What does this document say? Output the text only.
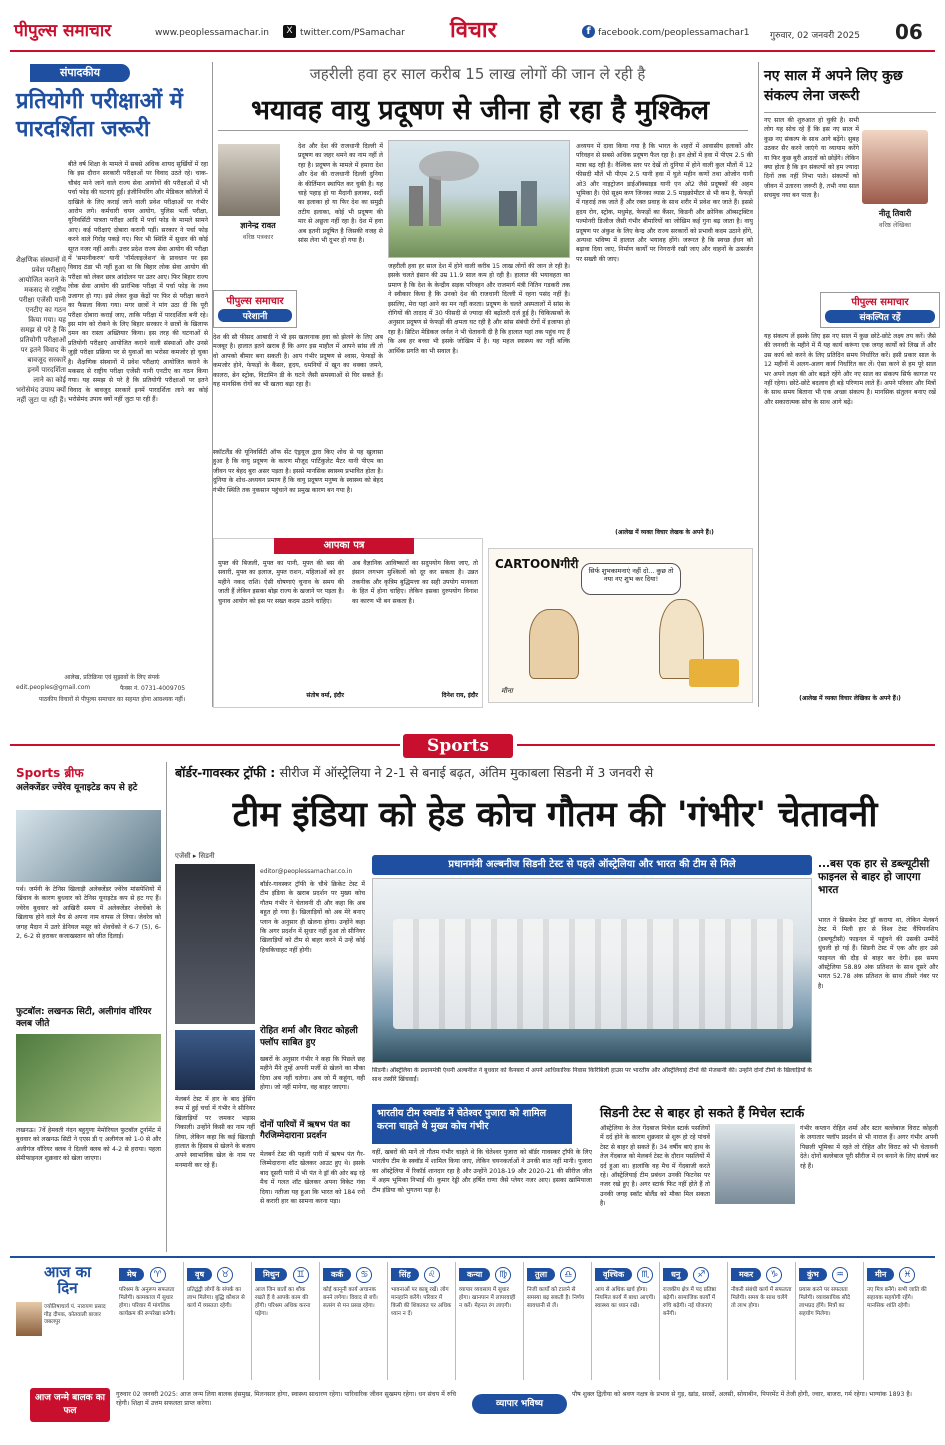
पीपुल्स समाचार	www.peoplessamachar.in	X twitter.com/PSamachar विचार	f facebook.com/peoplessamachar1 गुरुवार, 02 जनवरी 2025 06
संपादकीय
प्रतियोगी परीक्षाओं में पारदर्शिता जरूरी
बीते वर्ष शिक्षा के मामले में सबसे अधिक शायद सुर्खियों में रहा कि इस दौरान सरकारी परीक्षाओं पर विवाद उठते रहे। चाक-चौबंद माने जाने वाले राज्य सेवा आयोगों की परीक्षाओं में भी पर्चा फोड़ की घटनाएं हुईं। इंजीनियरिंग और मेडिकल कॉलेजों में दाखिले के लिए कराई जाने वाली प्रवेश परीक्षाओं पर गंभीर आरोप लगे। कर्मचारी चयन आयोग, पुलिस भर्ती परीक्षा, यूनिवर्सिटी पात्रता परीक्षा आदि में पर्चा फोड़ के मामले सामने आए। कई परीक्षाएं दोबारा करानी पड़ीं। सरकार ने पर्चा फोड़ करने वाले गिरोह पकड़े गए। फिर भी स्थिति में सुधार की कोई सूरत नजर नहीं आती। उत्तर प्रदेश राज्य सेवा आयोग की परीक्षा में 'समानीकरण' यानी 'नॉर्मलाइजेशन' के प्रावधान पर इस विवाद ठंडा भी नहीं हुआ था कि बिहार लोक सेवा आयोग की परीक्षा को लेकर छात्र आंदोलन पर उतर आए। फिर बिहार राज्य लोक सेवा आयोग की प्रारंभिक परीक्षा में पर्चा फोड़ के तथ्य उजागर हो गए। इसे लेकर कुछ केंद्रों पर फिर से परीक्षा कराने का फैसला किया गया। मगर छात्रों ने मांग उठा दी कि पूरी परीक्षा दोबारा कराई जाए, ताकि परीक्षा में पारदर्शिता बनी रहे। इस मांग को रोकने के लिए बिहार सरकार ने छात्रों के खिलाफ दमन का रास्ता अख्तियार किया। इस तरह की घटनाओं से प्रतियोगी परीक्षाएं आयोजित कराने वाली संस्थाओं और उनसे जुड़ी परीक्षा प्रक्रिया पर से युवाओं का भरोसा कमजोर हो चुका है। शैक्षणिक संस्थानों में प्रवेश परीक्षाएं आयोजित कराने के मकसद से राष्ट्रीय परीक्षा एजेंसी यानी एनटीए का गठन किया गया। यह समझ से परे है कि प्रतियोगी परीक्षाओं पर इतने विवाद के बावजूद सरकारें इनमें पारदर्शिता लाने का कोई भरोसेमंद उपाय क्यों नहीं जुटा पा रही हैं।
शैक्षणिक संस्थानों में प्रवेश परीक्षाएं आयोजित कराने के मकसद से राष्ट्रीय परीक्षा एजेंसी यानी एनटीए का गठन किया गया। यह समझ से परे है कि प्रतियोगी परीक्षाओं पर इतने विवाद के बावजूद सरकारें इनमें पारदर्शिता लाने का कोई भरोसेमंद उपाय क्यों नहीं जुटा पा रही हैं।
आलेख, प्रतिक्रिया एवं सुझावों के लिए संपर्क
edit.peoples@gmail.com	फैक्स नं. 0731-4009705
पाठकीय विचारों से पीपुल्स समाचार का सहमत होना आवश्यक नहीं।
जहरीली हवा हर साल करीब 15 लाख लोगों की जान ले रही है
भयावह वायु प्रदूषण से जीना हो रहा है मुश्किल
ज्ञानेन्द्र रावत
वरिष्ठ पत्रकार
देश और देश की राजधानी दिल्ली में प्रदूषण का जहर थमने का नाम नहीं ले रहा है। प्रदूषण के मामले में हमारा देश और देश की राजधानी दिल्ली दुनिया के कीर्तिमान स्थापित कर चुकी है। यह चाहे पहाड़ हो या मैदानी इलाका, सर्दी का इलाका हो या फिर देश का समुद्री तटीय इलाका, कोई भी प्रदूषण की मार से अछूता नहीं रहा है। देश में हवा अब इतनी प्रदूषित है जिसकी वजह से सांस लेना भी दूभर हो गया है।
पीपुल्स समाचार
परेशानी
देश की सौ फीसद आबादी ने भी इस खतरनाक हवा को झेलने के लिए अब मजबूर है। हालात इतने खराब हैं कि अगर इस माहौल में आपने सांस ली तो वो आपको बीमार बना सकती है। आप गंभीर प्रदूषण से श्वास, फेफड़ों के कमजोर होने, फेफड़ों के कैंसर, हृदय, धमनियों में खून का थक्का जमने, कालरा, ब्रेन स्ट्रोक, विटामिन डी के घटने जैसी समस्याओं से घिर सकते हैं। यह मानसिक रोगों का भी खतरा बढ़ा रहा है।
स्कॉटलैंड की यूनिवर्सिटी ऑफ सेंट एंड्रयूज द्वारा किए शोध से यह खुलासा हुआ है कि वायु प्रदूषण के कारण मौजूद पार्टिकुलेट मैटर यानी पीएम का जीवन पर बेहद बुरा असर पड़ता है। इससे मानसिक स्वास्थ्य प्रभावित होता है। दुनिया के शोध-अध्ययन प्रमाण हैं कि वायु प्रदूषण मनुष्य के स्वास्थ्य को बेहद गंभीर स्थिति तक नुकसान पहुंचाने का प्रमुख कारण बन गया है।
जहरीली हवा हर साल देश में होने वाली करीब 15 लाख लोगों की जान ले रही है। इसके चलते इंसान की उम्र 11.9 साल कम हो रही है। हालात की भयावहता का प्रमाण है कि देश के केन्द्रीय सड़क परिवहन और राजमार्ग मंत्री नितिन गडकरी तक ने स्वीकार किया है कि उनको देश की राजधानी दिल्ली में रहना पसंद नहीं है। इसलिए, मेरा यहां आने का मन नहीं करता। प्रदूषण के चलते अस्पतालों में सांस के रोगियों की तादाद में 30 फीसदी से ज्यादा की बढ़ोतरी दर्ज हुई है। चिकित्सकों के अनुसार प्रदूषण से फेफड़ों की क्षमता घट रही है और सांस संबंधी रोगों में इजाफा हो रहा है। ब्रिटिश मेडिकल जर्नल ने भी चेतावनी दी है कि हालात यहां तक पहुंच गए हैं कि अब हर बच्चा भी इसके जोखिम में है। यह महज स्वास्थ्य का नहीं बल्कि आर्थिक प्रगति का भी सवाल है।
अध्ययन में दावा किया गया है कि भारत के शहरों में आवासीय इलाकों और परिवहन से सबसे अधिक प्रदूषण फैल रहा है। इन क्षेत्रों में हवा में पीएम 2.5 की मात्रा बढ़ रही है। वैश्विक स्तर पर देखें तो दुनिया में होने वाली कुल मौतों में 12 फीसदी मौतें भी पीएम 2.5 यानी हवा में घुले महीन कणों तथा ओजोन यानी ओ3 और नाइट्रोजन डाईऑक्साइड यानी एन ओ2 जैसे प्रदूषकों की अहम भूमिका है। ऐसे सूक्ष्म कण जिनका व्यास 2.5 माइक्रोमीटर से भी कम है, फेफड़ों में गहराई तक जाते हैं और रक्त प्रवाह के साथ शरीर में प्रवेश कर जाते हैं। इससे हृदय रोग, स्ट्रोक, मधुमेह, फेफड़ों का कैंसर, किडनी और क्रोनिक ऑब्सट्रक्टिव पल्मोनरी डिजीज जैसी गंभीर बीमारियों का जोखिम कई गुना बढ़ जाता है। वायु प्रदूषण पर अंकुश के लिए केन्द्र और राज्य सरकारों को प्रभावी कदम उठाने होंगे, अन्यथा भविष्य में हालात और भयावह होंगे। जरूरत है कि स्वच्छ ईंधन को बढ़ावा दिया जाए, निर्माण कार्यों पर निगरानी रखी जाए और वाहनों के उत्सर्जन पर सख्ती की जाए।
(आलेख में व्यक्त विचार लेखक के अपने हैं।)
नए साल में अपने लिए कुछ संकल्प लेना जरूरी
नए साल की शुरुआत हो चुकी है। सभी लोग यह सोच रहे हैं कि इस नए साल में कुछ नए संकल्प के साथ आगे बढ़ेंगे। सुबह उठकर सैर करने जाएंगे या व्यायाम करेंगे या फिर कुछ बुरी आदतों को छोड़ेंगे। लेकिन क्या होता है कि इन संकल्पों को हम ज्यादा दिनों तक नहीं निभा पाते। संकल्पों को जीवन में उतारना जरूरी है, तभी नया साल सचमुच नया बन पाता है।
नीतू तिवारी
वरिष्ठ लेखिका
पीपुल्स समाचार
संकल्पित रहें
यह संकल्प लें इसके लिए इस नए साल में कुछ छोटे-छोटे लक्ष्य तय करें। जैसे की जनवरी के महीने में मैं यह कार्य करूंगा एक जगह कार्यों को लिख लें और उस कार्य को करने के लिए प्रतिदिन समय निर्धारित करें। इसी प्रकार साल के 12 महीनों में अलग-अलग कार्य निर्धारित कर लें। ऐसा करने से हम पूरे साल भर अपने लक्ष्य की ओर बढ़ते रहेंगे और नए साल का संकल्प सिर्फ कागज पर नहीं रहेगा। छोटे-छोटे बदलाव ही बड़े परिणाम लाते हैं। अपने परिवार और मित्रों के साथ समय बिताना भी एक अच्छा संकल्प है। मानसिक संतुलन बनाए रखें और सकारात्मक सोच के साथ आगे बढ़ें।
(आलेख में व्यक्त विचार लेखिका के अपने हैं।)
आपका पत्र
मुफ्त की बिजली, मुफ्त का पानी, मुफ्त की बस की सवारी, मुफ्त का इलाज, मुफ्त राशन, महिलाओं को हर महीने नकद राशि। ऐसी घोषणाएं चुनाव के समय की जाती हैं लेकिन इसका बोझ राज्य के खजाने पर पड़ता है। चुनाव आयोग को इस पर सख्त कदम उठाने चाहिए।
संतोष वर्मा, इंदौर
अब वैज्ञानिक आविष्कारों का सदुपयोग किया जाए, तो इंसान लगभग मुश्किलों को दूर कर सकता है। उन्नत तकनीक और कृत्रिम बुद्धिमत्ता का सही उपयोग मानवता के हित में होना चाहिए। लेकिन इसका दुरुपयोग विनाश का कारण भी बन सकता है।
दिनेश राय, इंदौर
CARTOONगीरी	सिर्फ शुभकामनाएं नहीं दो... कुछ तो नया नए शुभ कर दिया!
मीना
Sports
Sports ब्रीफ
अलेक्जेंडर ज्वेरेव यूनाइटेड कप से हटे
पर्थ। जर्मनी के टेनिस खिलाड़ी अलेक्जेंडर ज्वेरेव मांसपेशियों में खिंचाव के कारण बुधवार को टेनिस यूनाइटेड कप से हट गए हैं। ज्वेरेव बुधवार को आखिरी समय में अलेक्जेंडर शेवचेंको के खिलाफ होने वाले मैच से अपना नाम वापस ले लिया। जेवरेव को जगह मैदान में उतरे डेनियल मसूर को शेवचेंको ने 6-7 (5), 6-2, 6-2 से हराकर कजाखस्तान को जीत दिलाई।
फुटबॉल: लखनऊ सिटी, अलीगांव वॉरियर क्लब जीते
लखनऊ। 7वें हेमवती नंदन बहुगुणा मेमोरियल फुटबॉल टूर्नामेंट में बुधवार को लखनऊ सिटी ने एएस डी ए अलीगंज को 1-0 से और अलीगंज वॉरियर क्लब ने दिल्ली क्लब को 4-2 से हराया। पहला सेमीफाइनल शुक्रवार को खेला जाएगा।
बॉर्डर-गावस्कर ट्रॉफी : सीरीज में ऑस्ट्रेलिया ने 2-1 से बनाई बढ़त, अंतिम मुकाबला सिडनी में 3 जनवरी से
टीम इंडिया को हेड कोच गौतम की 'गंभीर' चेतावनी
एजेंसी ▸ सिडनी
editor@peoplessamachar.co.in
बॉर्डर-गावस्कर ट्रॉफी के चौथे क्रिकेट टेस्ट में टीम इंडिया के खराब प्रदर्शन पर मुख्य कोच गौतम गंभीर ने चेतावनी दी और कहा कि अब बहुत हो गया है। खिलाड़ियों को अब मेरे बनाए प्लान के अनुसार ही खेलना होगा। उन्होंने कहा कि अगर प्रदर्शन में सुधार नहीं हुआ तो सीनियर खिलाड़ियों को टीम से बाहर करने में उन्हें कोई हिचकिचाहट नहीं होगी।
रोहित शर्मा और विराट कोहली फ्लॉप साबित हुए
मेलबर्न टेस्ट में हार के बाद ड्रेसिंग रूम में हुई चर्चा में गंभीर ने सीनियर खिलाड़ियों पर जमकर भड़ास निकाली। उन्होंने किसी का नाम नहीं लिया, लेकिन कहा कि कई खिलाड़ी हालात के हिसाब से खेलने के बजाय अपने स्वाभाविक खेल के नाम पर मनमानी कर रहे हैं।
खबरों के अनुसार गंभीर ने कहा कि पिछले छह महीने मैंने तुम्हें अपनी मर्जी से खेलने का मौका दिया अब नहीं चलेगा। अब जो मैं कहूंगा, वही होगा। जो नहीं मानेगा, वह बाहर जाएगा।
प्रधानमंत्री अल्बनीज सिडनी टेस्ट से पहले ऑस्ट्रेलिया और भारत की टीम से मिले
सिडनी। ऑस्ट्रेलिया के प्रधानमंत्री एंथनी अल्बनीज ने बुधवार को कैनबरा में अपने आधिकारिक निवास किरिबिली हाउस पर भारतीय और ऑस्ट्रेलियाई टीमों की मेजबानी की। उन्होंने दोनों टीमों के खिलाड़ियों के साथ तस्वीरें खिंचवाईं।
...बस एक हार से डब्ल्यूटीसी फाइनल से बाहर हो जाएगा भारत
भारत ने ब्रिसबेन टेस्ट ड्रॉ कराया था, लेकिन मेलबर्न टेस्ट में मिली हार से विश्व टेस्ट चैंपियनशिप (डब्ल्यूटीसी) फाइनल में पहुंचने की उसकी उम्मीदें धुंधली हो गई हैं। सिडनी टेस्ट में एक और हार उसे फाइनल की दौड़ से बाहर कर देगी। इस समय ऑस्ट्रेलिया 58.89 अंक प्रतिशत के साथ दूसरे और भारत 52.78 अंक प्रतिशत के साथ तीसरे नंबर पर है।
दोनों पारियों में ऋषभ पंत का गैरजिम्मेदाराना प्रदर्शन
मेलबर्न टेस्ट की पहली पारी में ऋषभ पंत गैर-जिम्मेदाराना शॉट खेलकर आउट हुए थे। इसके बाद दूसरी पारी में भी पंत ने ड्रॉ की ओर बढ़ रहे मैच में गलत शॉट खेलकर अपना विकेट गंवा दिया। नतीजा यह हुआ कि भारत को 184 रनों से करारी हार का सामना करना पड़ा।
भारतीय टीम स्क्वॉड में चेतेश्वर पुजारा को शामिल करना चाहते थे मुख्य कोच गंभीर
वहीं, खबरों की मानें तो गौतम गंभीर चाहते थे कि चेतेश्वर पुजारा को बॉर्डर गावस्कर ट्रॉफी के लिए भारतीय टीम के स्क्वॉड में शामिल किया जाए, लेकिन चयनकर्ताओं ने उनकी बात नहीं मानी। पुजारा का ऑस्ट्रेलिया में रिकॉर्ड शानदार रहा है और उन्होंने 2018-19 और 2020-21 की सीरीज जीत में अहम भूमिका निभाई थी। कुमार रेड्डी और हर्षित राणा जैसे प्लेयर नजर आए। इसका खामियाजा टीम इंडिया को भुगतना पड़ा है।
सिडनी टेस्ट से बाहर हो सकते हैं मिचेल स्टार्क
ऑस्ट्रेलिया के तेज गेंदबाज मिचेल स्टार्क पसलियों में दर्द होने के कारण शुक्रवार से शुरू हो रहे पांचवें टेस्ट से बाहर हो सकते हैं। 34 वर्षीय बाएं हाथ के तेज गेंदबाज को मेलबर्न टेस्ट के दौरान पसलियों में दर्द हुआ था। हालांकि वह मैच में गेंदबाजी करते रहे। ऑस्ट्रेलियाई टीम प्रबंधन उनकी फिटनेस पर नजर रखे हुए है। अगर स्टार्क फिट नहीं होते हैं तो उनकी जगह स्कॉट बोलैंड को मौका मिल सकता है।
गंभीर कप्तान रोहित शर्मा और स्टार बल्लेबाज विराट कोहली के लगातार फ्लॉप प्रदर्शन से भी नाराज हैं। अगर गंभीर अपनी पिछली भूमिका में रहते तो रोहित और विराट को भी चेतावनी देते। दोनों बल्लेबाज पूरी सीरीज में रन बनाने के लिए संघर्ष कर रहे हैं।
आज का दिन
ज्योतिषाचार्य पं. नारायण प्रसाद गौड़ दीपक, कोतवाली बाजार जबलपुर
मेष ♈

परिश्रम के अनुरूप सफलता मिलेगी। कामकाज में सुधार होगा। परिवार में मांगलिक कार्यक्रम की रूपरेखा बनेगी।

वृष ♉

प्रतिद्वंद्वी लोगों के संपर्क का लाभ मिलेगा। बुद्धि कौशल से कार्य में व्यस्तता रहेगी।

मिथुन ♊

आज जिन बातों का शौक रखते हैं वे आपके काम की होंगी। परिश्रम अधिक करना पड़ेगा।

कर्क ♋

कोई कानूनी कार्य अचानक बनने लगेगा। विवाद से बचें। सत्संग से मन प्रसन्न रहेगा।

सिंह ♌

भावनाओं पर काबू रखें। लोग मानहानि करेंगे। परिवार में किसी की शिकायत पर अधिक ध्यान न दें।

कन्या ♍

व्यापार व्यवसाय में सुधार होगा। खानपान में लापरवाही न करें। मेहनत रंग लाएगी।

तुला ♎

निजी कार्यों को टालने से समस्या बढ़ सकती है। निर्णय सावधानी से लें।

वृश्चिक ♏

आय से अधिक खर्च होगा। नियमित कार्य में बाधा आएगी। स्वास्थ्य का ध्यान रखें।

धनु ♐

राजकीय क्षेत्र में पद प्रतिष्ठा बढ़ेगी। सामाजिक कार्यों में रुचि बढ़ेगी। नई योजनाएं बनेंगी।

मकर ♑

नौकरी संबंधी कार्य में सफलता मिलेगी। समय के साथ चलेंगे तो लाभ होगा।

कुंभ ♒

प्रयास करने पर सफलता मिलेगी। व्यावसायिक सौदे लाभप्रद होंगे। मित्रों का सहयोग मिलेगा।

मीन ♓

नए मित्र बनेंगे। सभी जाति की सहायक सहयोगी रहेंगे। मानसिक शांति रहेगी।

आज जन्मे बालक का फल
गुरुवार 02 जनवरी 2025: आज जन्म लिया बालक हंसमुख, मिलनसार होगा, स्वास्थ्य साधारण रहेगा। पारिवारिक जीवन सुखमय रहेगा। धन संचय में रुचि रहेगी। शिक्षा में उत्तम सफलता प्राप्त करेगा।	व्यापार भविष्य
पौष शुक्ल द्वितीया को श्रवण नक्षत्र के प्रभाव से गुड़, खांड, सरसों, अलसी, सोयाबीन, पिपरमेंट में तेजी होगी, ज्वार, बाजरा, गर्म रहेगा। भाग्यांक 1893 है।
